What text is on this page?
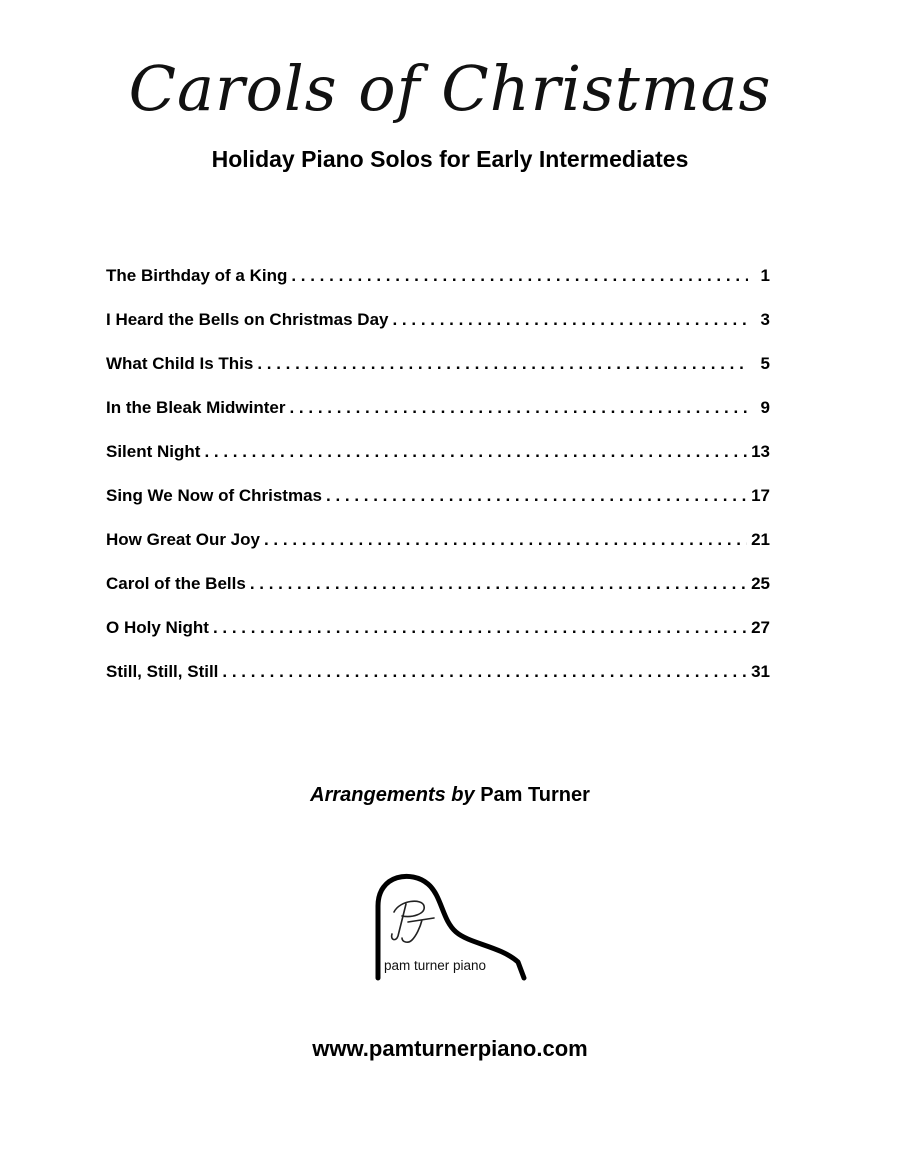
Carols of Christmas
Holiday Piano Solos for Early Intermediates
The Birthday of a King . . .	1
I Heard the Bells on Christmas Day . . .	3
What Child Is This . . .	5
In the Bleak Midwinter . . .	9
Silent Night . . .	13
Sing We Now of Christmas . . .	17
How Great Our Joy . . .	21
Carol of the Bells . . .	25
O Holy Night . . .	27
Still, Still, Still . . .	31
Arrangements by Pam Turner
pam turner piano
www.pamturnerpiano.com
